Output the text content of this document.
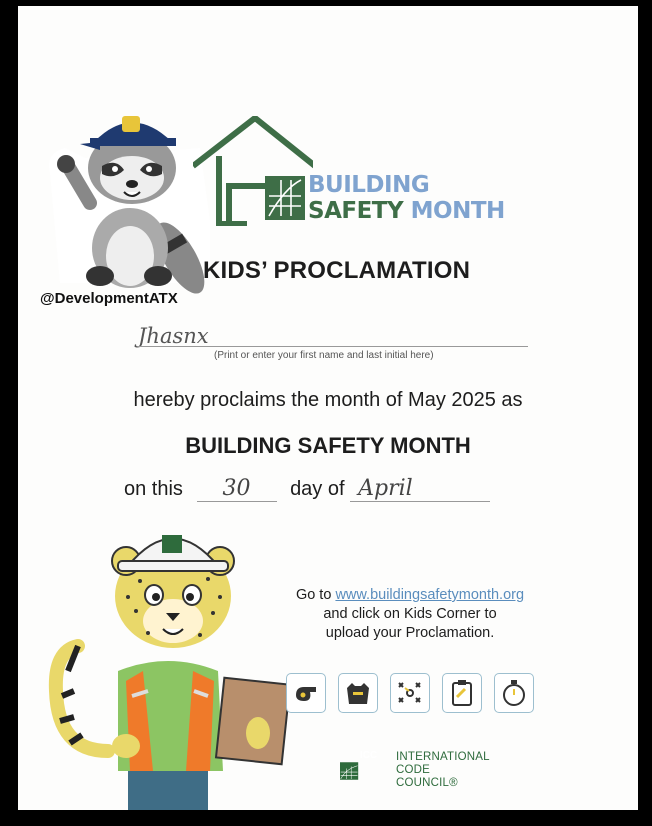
@DevelopmentATX
BUILDING
SAFETY MONTH
KIDS’ PROCLAMATION
Jhasnx
(Print or enter your first name and last initial here)
hereby proclaims the month of May 2025 as
BUILDING SAFETY MONTH
on this 30 day of April
Go to www.buildingsafetymonth.org
and click on Kids Corner to
upload your Proclamation.
ICC INTERNATIONAL
CODE
COUNCIL®
